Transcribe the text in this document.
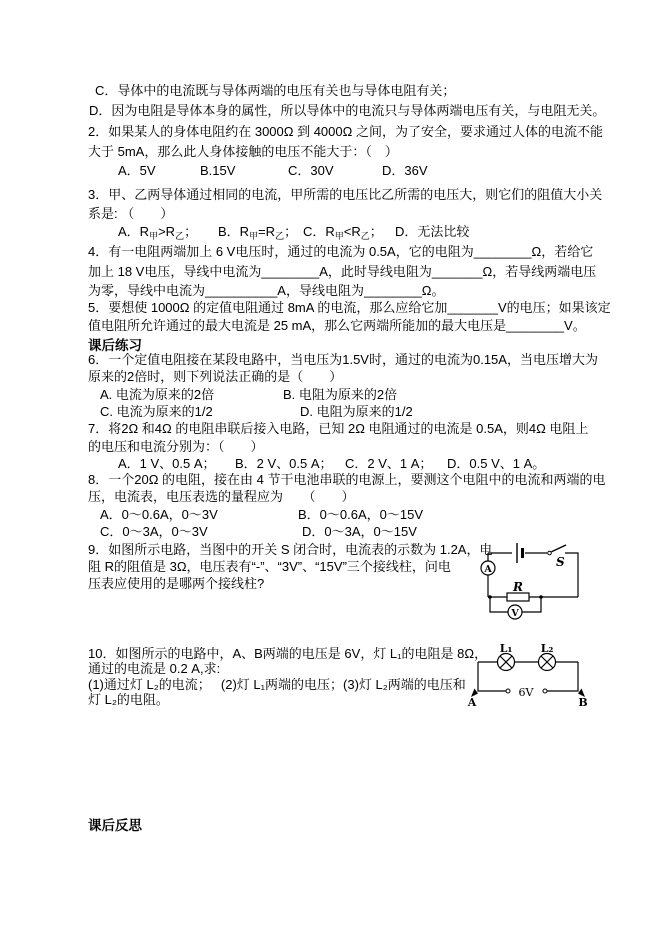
C．导体中的电流既与导体两端的电压有关也与导体电阻有关；
D．因为电阻是导体本身的属性，所以导体中的电流只与导体两端电压有关，与电阻无关。
2．如果某人的身体电阻约在 3000Ω 到 4000Ω 之间，为了安全，要求通过人体的电流不能
大于 5mA，那么此人身体接触的电压不能大于：（　）
A．5V	B.15V	C．30V	D．36V
3．甲、乙两导体通过相同的电流，甲所需的电压比乙所需的电压大，则它们的阻值大小关
系是: （　　）
A．$R_甲>R_乙$； B．$R_甲=R_乙$； C．$R_甲<R_乙$； D．无法比较
4．有一电阻两端加上 6 V电压时，通过的电流为 0.5A，它的电阻为________Ω，若给它
加上 18 V电压，导线中电流为________A，此时导线电阻为_______Ω，若导线两端电压
为零，导线中电流为__________A，导线电阻为________Ω。
5．要想使 1000Ω 的定值电阻通过 8mA 的电流，那么应给它加_______V的电压；如果该定
值电阻所允许通过的最大电流是 25 mA，那么它两端所能加的最大电压是________V。
课后练习
6．一个定值电阻接在某段电路中，当电压为1.5V时，通过的电流为0.15A，当电压增大为
原来的2倍时，则下列说法正确的是（　　）
A. 电流为原来的2倍	B. 电阻为原来的2倍
C. 电流为原来的1/2	D. 电阻为原来的1/2
7．将2Ω 和4Ω 的电阻串联后接入电路，已知 2Ω 电阻通过的电流是 0.5A，则4Ω 电阻上
的电压和电流分别为：（　　）
A．1 V、0.5 A； B．2 V、0.5 A； C．2 V、1 A； D．0.5 V、1 A。
8．一个20Ω 的电阻，接在由 4 节干电池串联的电源上，要测这个电阻中的电流和两端的电
压，电流表，电压表选的量程应为　　（　　）
A．0～0.6A，0～3V	B．0～0.6A，0～15V
C．0～3A，0～3V	D．0～3A，0～15V
9．如图所示电路，当图中的开关 S 闭合时，电流表的示数为 1.2A，电
阻 R的阻值是 3Ω，电压表有“-”、“3V”、“15V”三个接线柱，问电
压表应使用的是哪两个接线柱?
S
A
R
V
10．如图所示的电路中，A、B两端的电压是 6V，灯 L₁的电阻是 8Ω，
通过的电流是 0.2 A,求:
(1)通过灯 L₂的电流；　 (2)灯 L₁两端的电压；(3)灯 L₂两端的电压和
灯 L₂的电阻。
L₁	L₂
6V
A	B
课后反思
